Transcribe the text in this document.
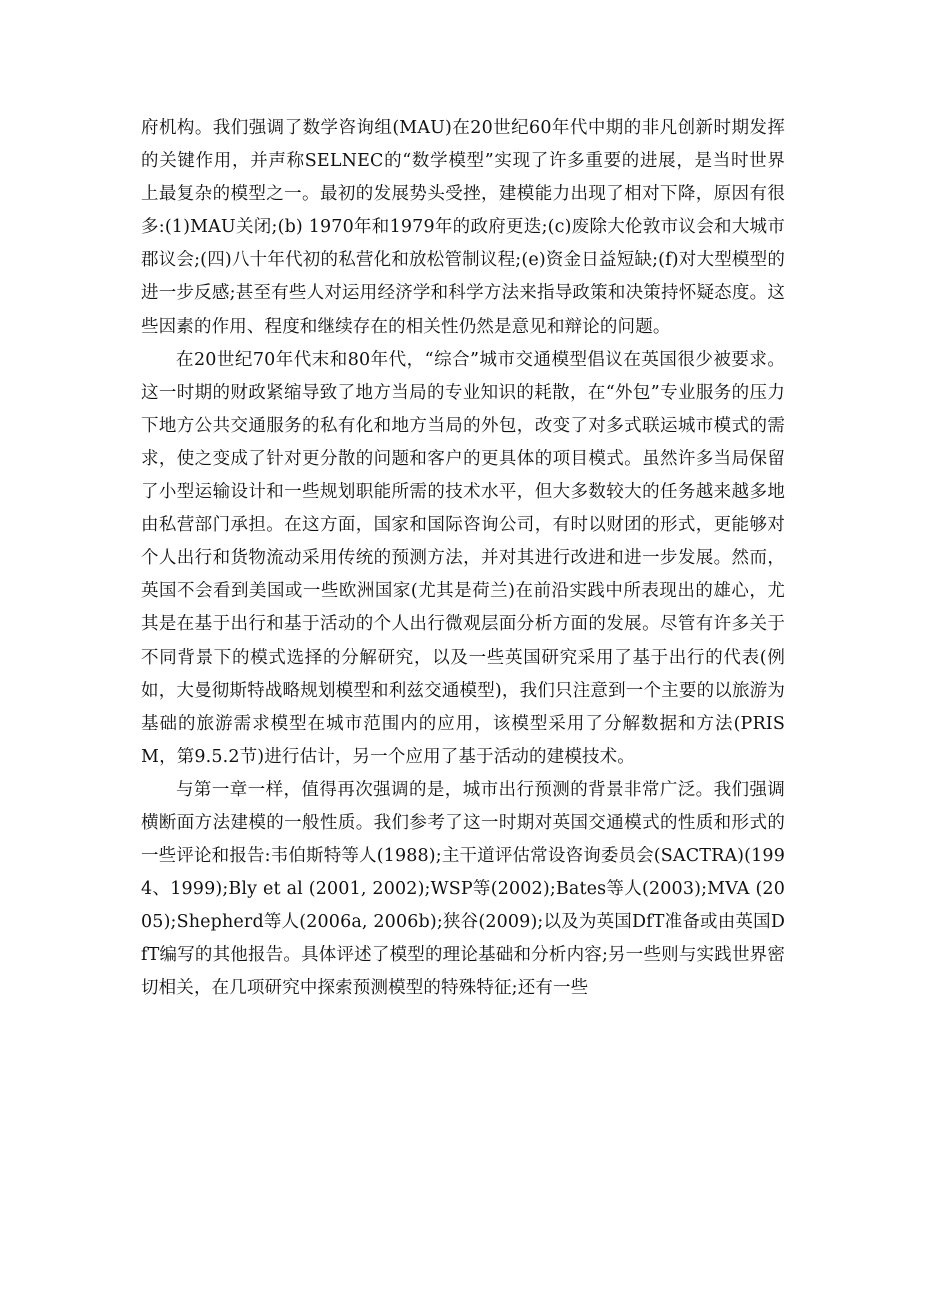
府机构。我们强调了数学咨询组(MAU)在20世纪60年代中期的非凡创新时期发挥的关键作用，并声称SELNEC的“数学模型”实现了许多重要的进展，是当时世界上最复杂的模型之一。最初的发展势头受挫，建模能力出现了相对下降，原因有很多:(1)MAU关闭;(b) 1970年和1979年的政府更迭;(c)废除大伦敦市议会和大城市郡议会;(四)八十年代初的私营化和放松管制议程;(e)资金日益短缺;(f)对大型模型的进一步反感;甚至有些人对运用经济学和科学方法来指导政策和决策持怀疑态度。这些因素的作用、程度和继续存在的相关性仍然是意见和辩论的问题。

在20世纪70年代末和80年代，“综合”城市交通模型倡议在英国很少被要求。这一时期的财政紧缩导致了地方当局的专业知识的耗散，在“外包”专业服务的压力下地方公共交通服务的私有化和地方当局的外包，改变了对多式联运城市模式的需求，使之变成了针对更分散的问题和客户的更具体的项目模式。虽然许多当局保留了小型运输设计和一些规划职能所需的技术水平，但大多数较大的任务越来越多地由私营部门承担。在这方面，国家和国际咨询公司，有时以财团的形式，更能够对个人出行和货物流动采用传统的预测方法，并对其进行改进和进一步发展。然而，英国不会看到美国或一些欧洲国家(尤其是荷兰)在前沿实践中所表现出的雄心，尤其是在基于出行和基于活动的个人出行微观层面分析方面的发展。尽管有许多关于不同背景下的模式选择的分解研究，以及一些英国研究采用了基于出行的代表(例如，大曼彻斯特战略规划模型和利兹交通模型)，我们只注意到一个主要的以旅游为基础的旅游需求模型在城市范围内的应用，该模型采用了分解数据和方法(PRISM，第9.5.2节)进行估计，另一个应用了基于活动的建模技术。

与第一章一样，值得再次强调的是，城市出行预测的背景非常广泛。我们强调横断面方法建模的一般性质。我们参考了这一时期对英国交通模式的性质和形式的一些评论和报告:韦伯斯特等人(1988);主干道评估常设咨询委员会(SACTRA)(1994、1999);Bly et al (2001, 2002);WSP等(2002);Bates等人(2003);MVA (2005);Shepherd等人(2006a, 2006b);狭谷(2009);以及为英国DfT准备或由英国DfT编写的其他报告。具体评述了模型的理论基础和分析内容;另一些则与实践世界密切相关，在几项研究中探索预测模型的特殊特征;还有一些
